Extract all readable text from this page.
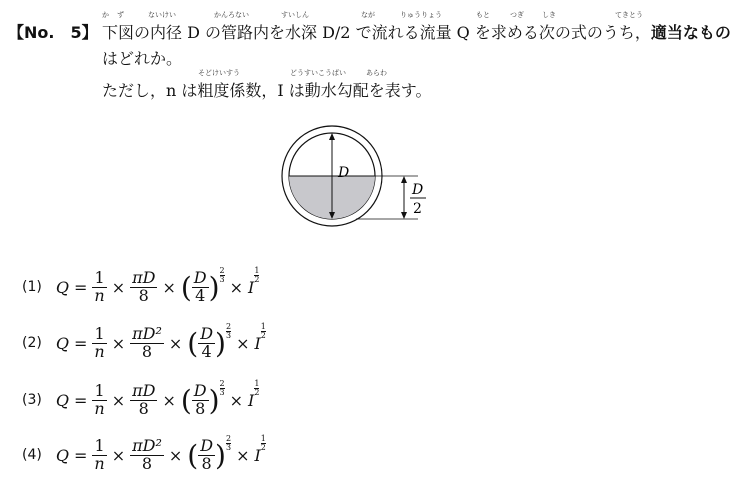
【No.　5】
か ず	ないけい	かんろない	すいしん	なが	りゅうりょう	もと	つぎ	しき	てきとう
下図の内径 D の管路内を水深 D/2 で流れる流量 Q を求める次の式のうち，適当なもの
はどれか。
そどけいすう	どうすいこうばい	あらわ
ただし，n は粗度係数，I は動水勾配を表す。
D
D
2
(1) $Q = \frac{1}{n} \times \frac{\pi D}{8}$ × ( $\frac{D}{4}$ ) $\frac{2}{3}$
× I
$\frac{1}{2}$
(2) $Q = \frac{1}{n} \times \frac{\text{πD²}}{8}$ × ( $\frac{D}{4}$ ) $\frac{2}{3}$
× I
$\frac{1}{2}$
(3) $Q = \frac{1}{n} \times \frac{\pi D}{8}$ × ( $\frac{D}{8}$ ) $\frac{2}{3}$
× I
$\frac{1}{2}$
(4) $Q = \frac{1}{n} \times \frac{\text{πD²}}{8}$ × ( $\frac{D}{8}$ ) $\frac{2}{3}$
× I
$\frac{1}{2}$
